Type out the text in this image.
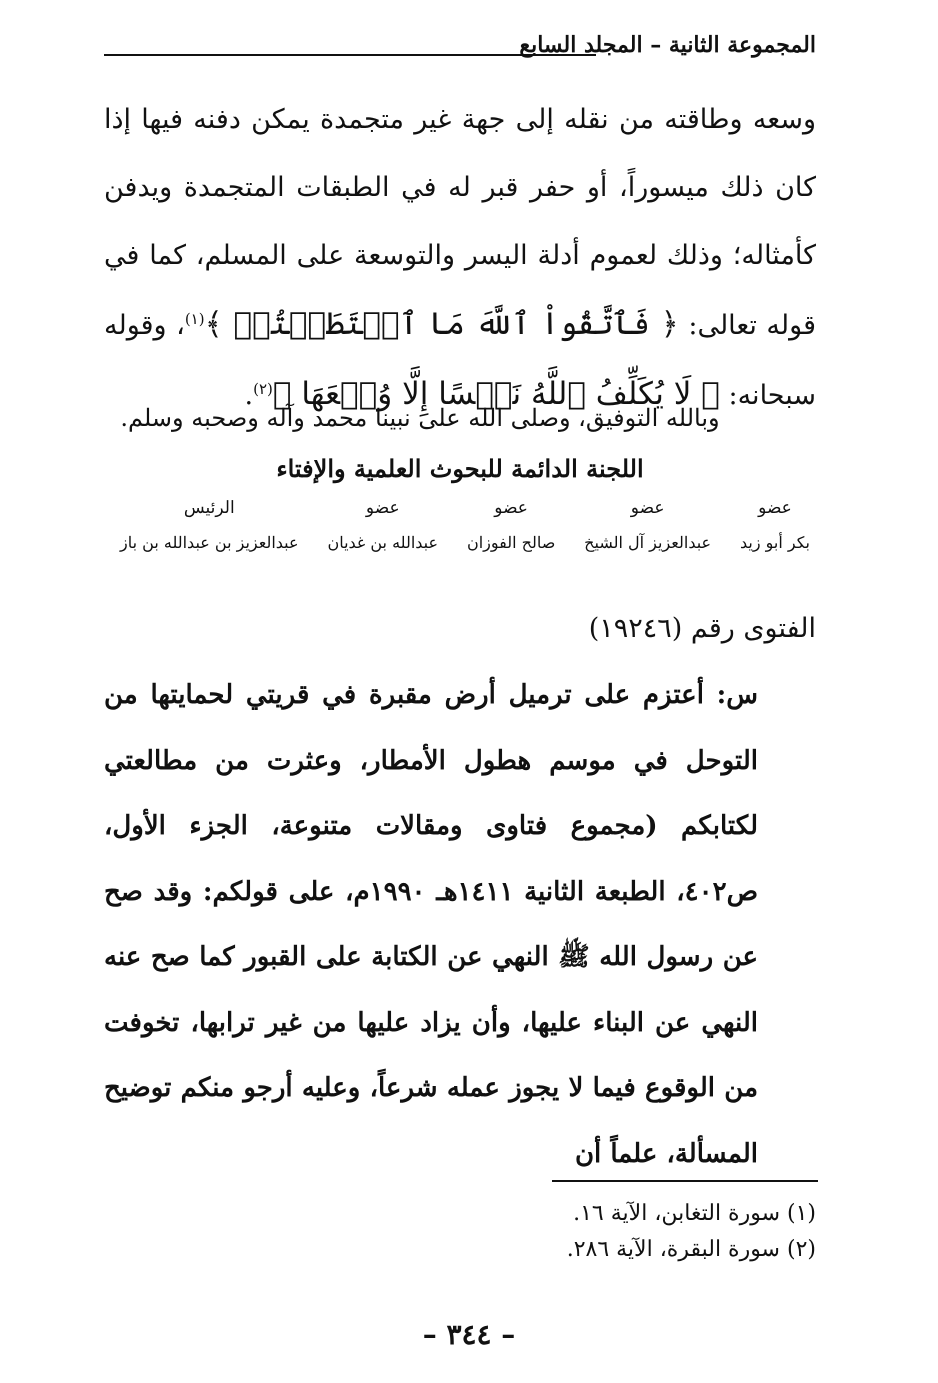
المجموعة الثانية – المجلد السابع
وسعه وطاقته من نقله إلى جهة غير متجمدة يمكن دفنه فيها إذا كان ذلك ميسوراً، أو حفر قبر له في الطبقات المتجمدة ويدفن كأمثاله؛ وذلك لعموم أدلة اليسر والتوسعة على المسلم، كما في قوله تعالى: ﴿ فَٱتَّقُواْ ٱللَّهَ مَا ٱسۡتَطَعۡتُمۡ ﴾$^{(١)}$، وقوله سبحانه: ﴿ لَا يُكَلِّفُ ٱللَّهُ نَفۡسًا إِلَّا وُسۡعَهَا ﴾$^{(٢)}$.
وبالله التوفيق، وصلى الله على نبينا محمد وآله وصحبه وسلم.
اللجنة الدائمة للبحوث العلمية والإفتاء
عضو
بكر أبو زيد
عضو
عبدالعزيز آل الشيخ
عضو
صالح الفوزان
عضو
عبدالله بن غديان
الرئيس
عبدالعزيز بن عبدالله بن باز
الفتوى رقم (١٩٢٤٦)
س: أعتزم على ترميل أرض مقبرة في قريتي لحمايتها من التوحل في موسم هطول الأمطار، وعثرت من مطالعتي لكتابكم (مجموع فتاوى ومقالات متنوعة، الجزء الأول، ص٤٠٢، الطبعة الثانية ١٤١١هـ ١٩٩٠م، على قولكم: وقد صح عن رسول الله ﷺ النهي عن الكتابة على القبور كما صح عنه النهي عن البناء عليها، وأن يزاد عليها من غير ترابها، تخوفت من الوقوع فيما لا يجوز عمله شرعاً، وعليه أرجو منكم توضيح المسألة، علماً أن
(١) سورة التغابن، الآية ١٦.
(٢) سورة البقرة، الآية ٢٨٦.
– ٣٤٤ –
